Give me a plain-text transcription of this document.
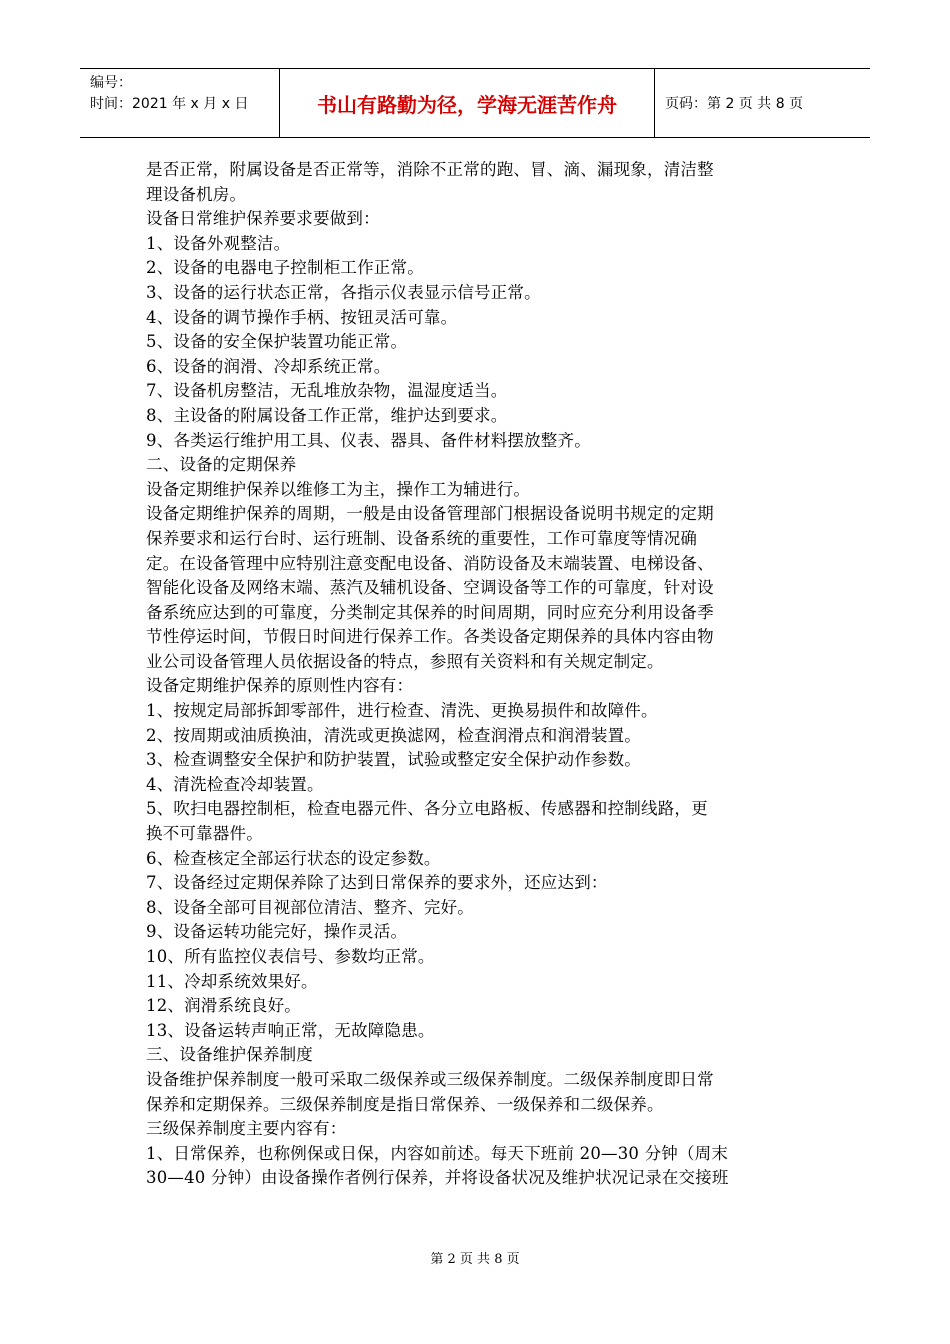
编号：
时间：2021 年 x 月 x 日	书山有路勤为径，学海无涯苦作舟	页码：第 2 页 共 8 页
是否正常，附属设备是否正常等，消除不正常的跑、冒、滴、漏现象，清洁整
理设备机房。
设备日常维护保养要求要做到：
1、设备外观整洁。
2、设备的电器电子控制柜工作正常。
3、设备的运行状态正常，各指示仪表显示信号正常。
4、设备的调节操作手柄、按钮灵活可靠。
5、设备的安全保护装置功能正常。
6、设备的润滑、冷却系统正常。
7、设备机房整洁，无乱堆放杂物，温湿度适当。
8、主设备的附属设备工作正常，维护达到要求。
9、各类运行维护用工具、仪表、器具、备件材料摆放整齐。
二、设备的定期保养
设备定期维护保养以维修工为主，操作工为辅进行。
设备定期维护保养的周期，一般是由设备管理部门根据设备说明书规定的定期
保养要求和运行台时、运行班制、设备系统的重要性，工作可靠度等情况确
定。在设备管理中应特别注意变配电设备、消防设备及末端装置、电梯设备、
智能化设备及网络末端、蒸汽及辅机设备、空调设备等工作的可靠度，针对设
备系统应达到的可靠度，分类制定其保养的时间周期，同时应充分利用设备季
节性停运时间，节假日时间进行保养工作。各类设备定期保养的具体内容由物
业公司设备管理人员依据设备的特点，参照有关资料和有关规定制定。
设备定期维护保养的原则性内容有：
1、按规定局部拆卸零部件，进行检查、清洗、更换易损件和故障件。
2、按周期或油质换油，清洗或更换滤网，检查润滑点和润滑装置。
3、检查调整安全保护和防护装置，试验或整定安全保护动作参数。
4、清洗检查冷却装置。
5、吹扫电器控制柜，检查电器元件、各分立电路板、传感器和控制线路，更
换不可靠器件。
6、检查核定全部运行状态的设定参数。
7、设备经过定期保养除了达到日常保养的要求外，还应达到：
8、设备全部可目视部位清洁、整齐、完好。
9、设备运转功能完好，操作灵活。
10、所有监控仪表信号、参数均正常。
11、冷却系统效果好。
12、润滑系统良好。
13、设备运转声响正常，无故障隐患。
三、设备维护保养制度
设备维护保养制度一般可采取二级保养或三级保养制度。二级保养制度即日常
保养和定期保养。三级保养制度是指日常保养、一级保养和二级保养。
三级保养制度主要内容有：
1、日常保养，也称例保或日保，内容如前述。每天下班前 20—30 分钟（周末
30—40 分钟）由设备操作者例行保养，并将设备状况及维护状况记录在交接班
第 2 页 共 8 页
